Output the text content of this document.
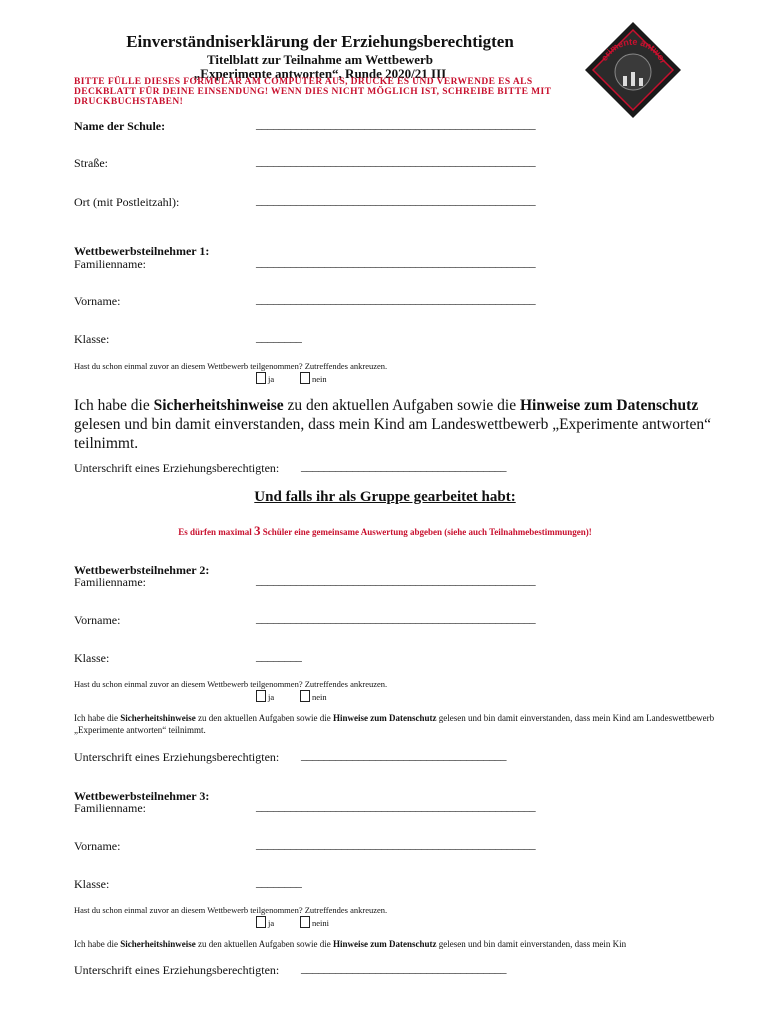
Einverständniserklärung der Erziehungsberechtigten
Titelblatt zur Teilnahme am Wettbewerb
„Experimente antworten“, Runde 2020/21 III
BITTE FÜLLE DIESES FORMULAR AM COMPUTER AUS, DRUCKE ES UND VERWENDE ES ALS DECKBLATT FÜR DEINE EINSENDUNG! WENN DIES NICHT MÖGLICH IST, SCHREIBE BITTE MIT DRUCKBUCHSTABEN!
erimente antwor
Name der Schule:	_________________________________________________
Straße:	_________________________________________________
Ort (mit Postleitzahl):	_________________________________________________
Wettbewerbsteilnehmer 1:
Familienname:	_________________________________________________
Vorname:	_________________________________________________
Klasse:	________
Hast du schon einmal zuvor an diesem Wettbewerb teilgenommen? Zutreffendes ankreuzen.
ja	nein
Ich habe die Sicherheitshinweise zu den aktuellen Aufgaben sowie die Hinweise zum Datenschutz gelesen und bin damit einverstanden, dass mein Kind am Landeswettbewerb „Experimente antworten“ teilnimmt.
Unterschrift eines Erziehungsberechtigten: ____________________________________
Und falls ihr als Gruppe gearbeitet habt:
Es dürfen maximal 3 Schüler eine gemeinsame Auswertung abgeben (siehe auch Teilnahmebestimmungen)!
Wettbewerbsteilnehmer 2:
Familienname:	_________________________________________________
Vorname:	_________________________________________________
Klasse:	________
Hast du schon einmal zuvor an diesem Wettbewerb teilgenommen? Zutreffendes ankreuzen.
ja	nein
Ich habe die Sicherheitshinweise zu den aktuellen Aufgaben sowie die Hinweise zum Datenschutz gelesen und bin damit einverstanden, dass mein Kind am Landeswettbewerb „Experimente antworten“ teilnimmt.
Unterschrift eines Erziehungsberechtigten: ____________________________________
Wettbewerbsteilnehmer 3:
Familienname:	_________________________________________________
Vorname:	_________________________________________________
Klasse:	________
Hast du schon einmal zuvor an diesem Wettbewerb teilgenommen? Zutreffendes ankreuzen.
ja	neini
Ich habe die Sicherheitshinweise zu den aktuellen Aufgaben sowie die Hinweise zum Datenschutz gelesen und bin damit einverstanden, dass mein Kin
Unterschrift eines Erziehungsberechtigten: ____________________________________
